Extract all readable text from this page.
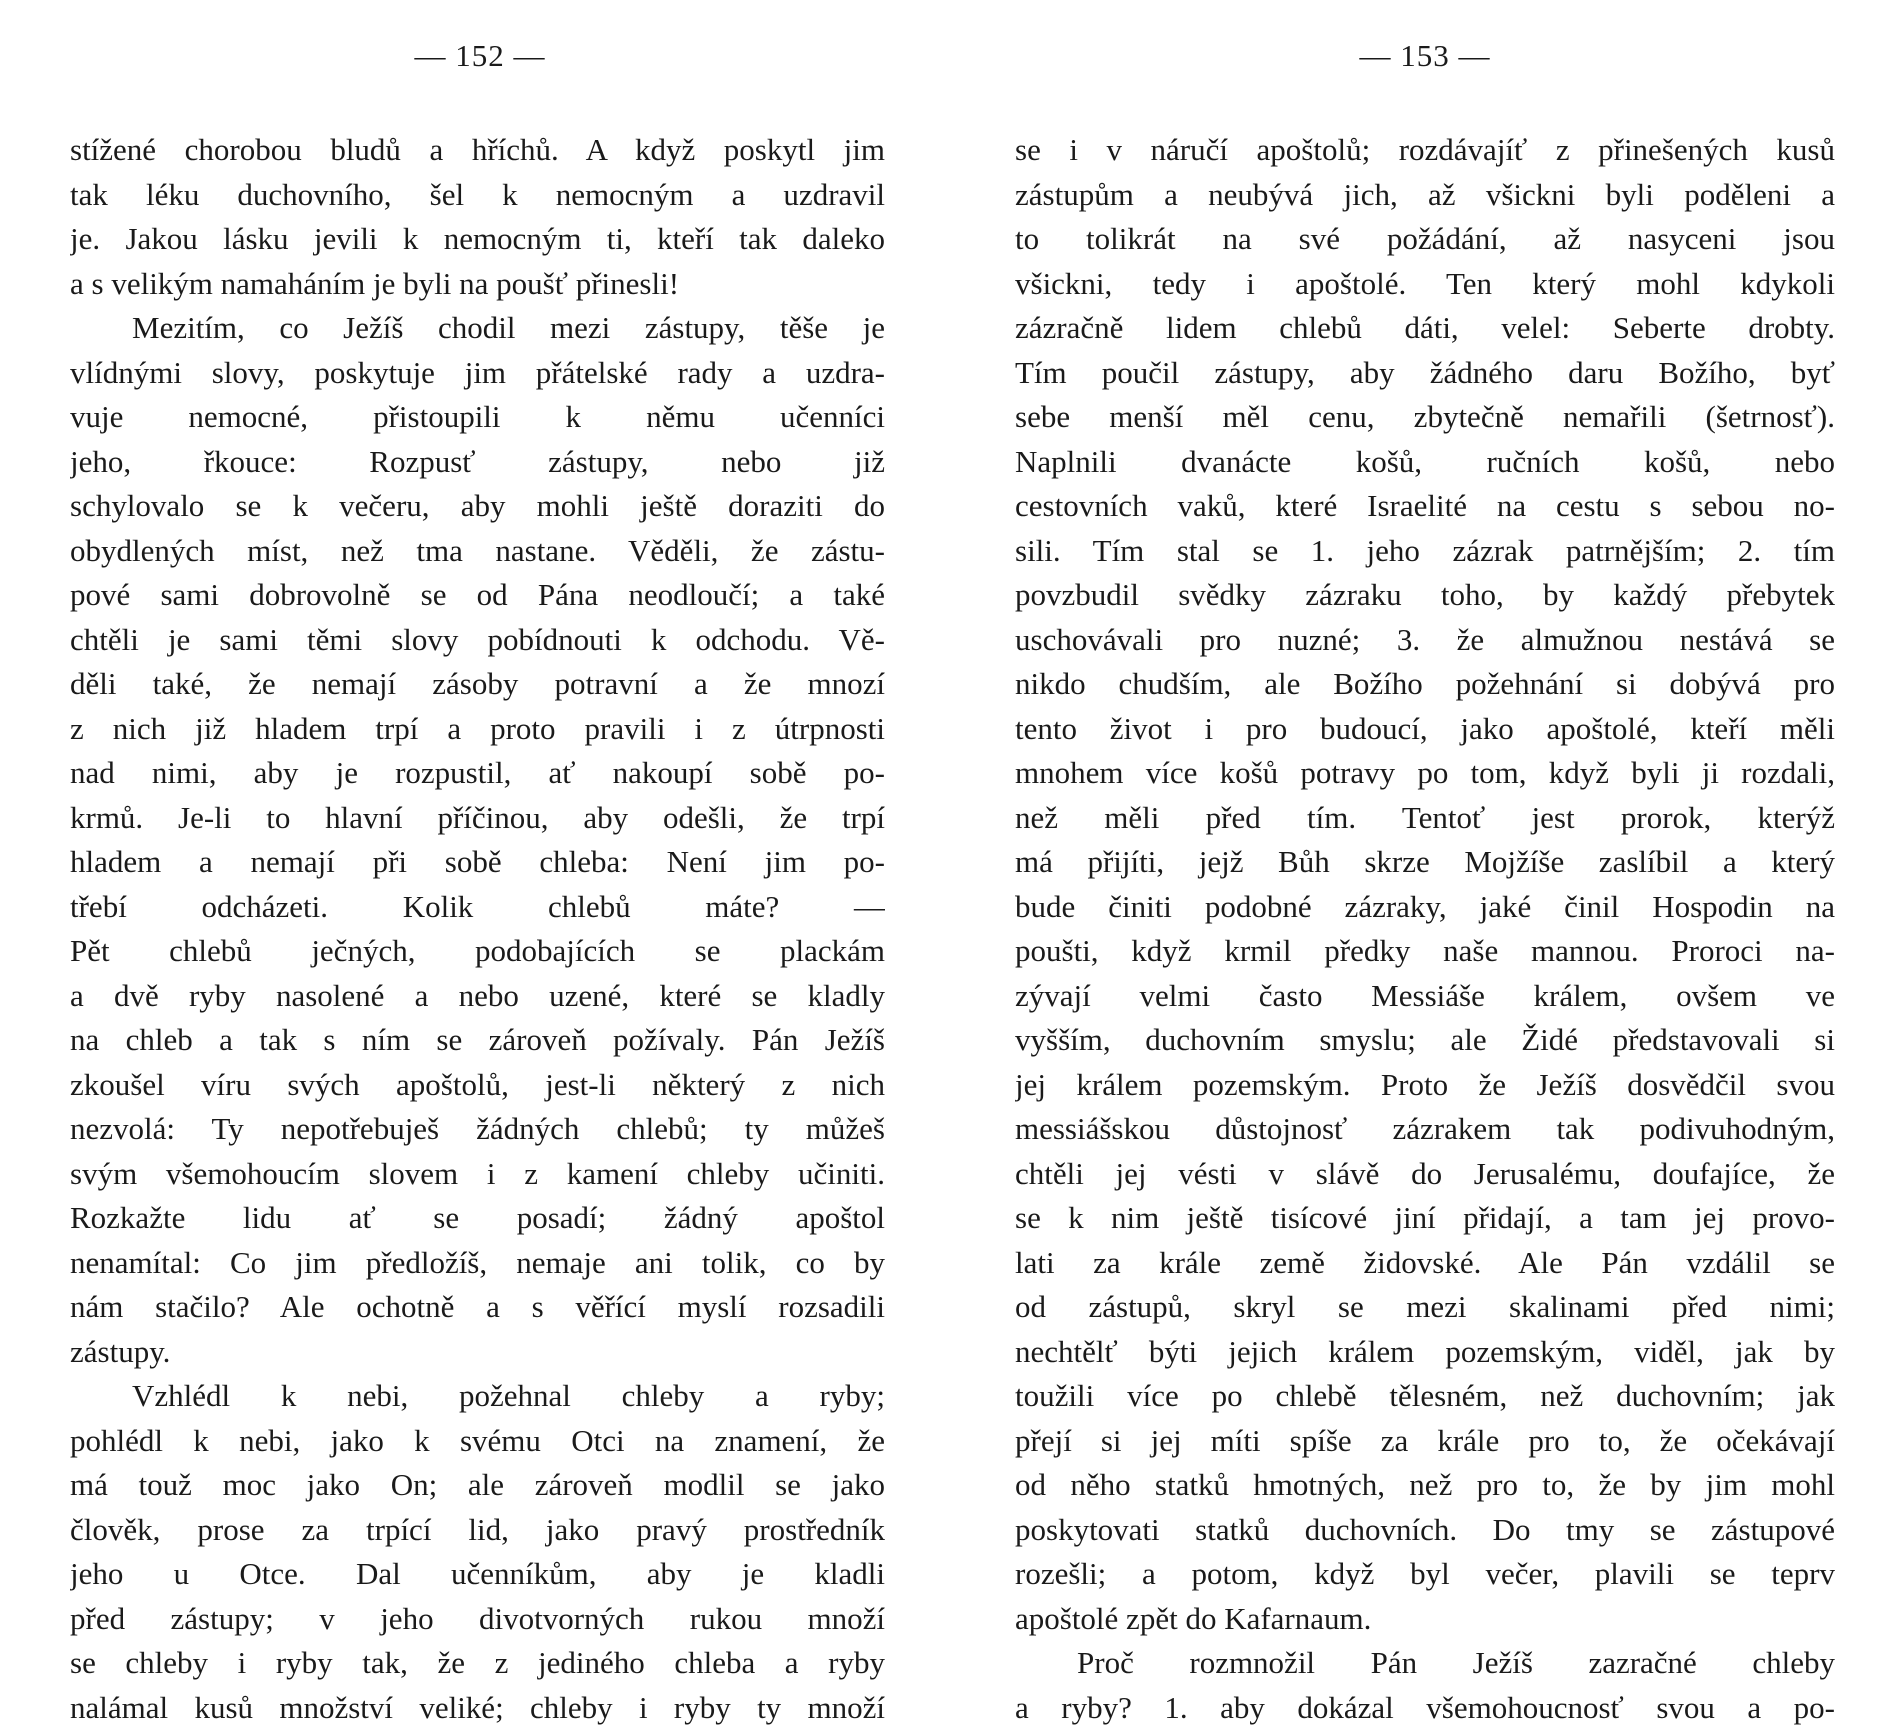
— 152 —
stížené chorobou bludů a hříchů. A když poskytl jim
tak léku duchovního, šel k nemocným a uzdravil
je. Jakou lásku jevili k nemocným ti, kteří tak daleko
a s velikým namaháním je byli na poušť přinesli!
Mezitím, co Ježíš chodil mezi zástupy, těše je
vlídnými slovy, poskytuje jim přátelské rady a uzdra-
vuje nemocné, přistoupili k němu učenníci
jeho, řkouce: Rozpusť zástupy, nebo již
schylovalo se k večeru, aby mohli ještě doraziti do
obydlených míst, než tma nastane. Věděli, že zástu-
pové sami dobrovolně se od Pána neodloučí; a také
chtěli je sami těmi slovy pobídnouti k odchodu. Vě-
děli také, že nemají zásoby potravní a že mnozí
z nich již hladem trpí a proto pravili i z útrpnosti
nad nimi, aby je rozpustil, ať nakoupí sobě po-
krmů. Je-li to hlavní příčinou, aby odešli, že trpí
hladem a nemají při sobě chleba: Není jim po-
třebí odcházeti. Kolik chlebů máte? —
Pět chlebů ječných, podobajících se plackám
a dvě ryby nasolené a nebo uzené, které se kladly
na chleb a tak s ním se zároveň požívaly. Pán Ježíš
zkoušel víru svých apoštolů, jest-li některý z nich
nezvolá: Ty nepotřebuješ žádných chlebů; ty můžeš
svým všemohoucím slovem i z kamení chleby učiniti.
Rozkažte lidu ať se posadí; žádný apoštol
nenamítal: Co jim předložíš, nemaje ani tolik, co by
nám stačilo? Ale ochotně a s věřící myslí rozsadili
zástupy.
Vzhlédl k nebi, požehnal chleby a ryby;
pohlédl k nebi, jako k svému Otci na znamení, že
má touž moc jako On; ale zároveň modlil se jako
člověk, prose za trpící lid, jako pravý prostředník
jeho u Otce. Dal učenníkům, aby je kladli
před zástupy; v jeho divotvorných rukou množí
se chleby i ryby tak, že z jediného chleba a ryby
nalámal kusů množství veliké; chleby i ryby ty množí
— 153 —
se i v náručí apoštolů; rozdávajíť z přinešených kusů
zástupům a neubývá jich, až všickni byli poděleni a
to tolikrát na své požádání, až nasyceni jsou
všickni, tedy i apoštolé. Ten který mohl kdykoli
zázračně lidem chlebů dáti, velel: Seberte drobty.
Tím poučil zástupy, aby žádného daru Božího, byť
sebe menší měl cenu, zbytečně nemařili (šetrnosť).
Naplnili dvanácte košů, ručních košů, nebo
cestovních vaků, které Israelité na cestu s sebou no-
sili. Tím stal se 1. jeho zázrak patrnějším; 2. tím
povzbudil svědky zázraku toho, by každý přebytek
uschovávali pro nuzné; 3. že almužnou nestává se
nikdo chudším, ale Božího požehnání si dobývá pro
tento život i pro budoucí, jako apoštolé, kteří měli
mnohem více košů potravy po tom, když byli ji rozdali,
než měli před tím. Tentoť jest prorok, kterýž
má přijíti, jejž Bůh skrze Mojžíše zaslíbil a který
bude činiti podobné zázraky, jaké činil Hospodin na
poušti, když krmil předky naše mannou. Proroci na-
zývají velmi často Messiáše králem, ovšem ve
vyšším, duchovním smyslu; ale Židé představovali si
jej králem pozemským. Proto že Ježíš dosvědčil svou
messiášskou důstojnosť zázrakem tak podivuhodným,
chtěli jej vésti v slávě do Jerusalému, doufajíce, že
se k nim ještě tisícové jiní přidají, a tam jej provo-
lati za krále země židovské. Ale Pán vzdálil se
od zástupů, skryl se mezi skalinami před nimi;
nechtělť býti jejich králem pozemským, viděl, jak by
toužili více po chlebě tělesném, než duchovním; jak
přejí si jej míti spíše za krále pro to, že očekávají
od něho statků hmotných, než pro to, že by jim mohl
poskytovati statků duchovních. Do tmy se zástupové
rozešli; a potom, když byl večer, plavili se teprv
apoštolé zpět do Kafarnaum.
Proč rozmnožil Pán Ježíš zazračné chleby
a ryby? 1. aby dokázal všemohoucnosť svou a po-
